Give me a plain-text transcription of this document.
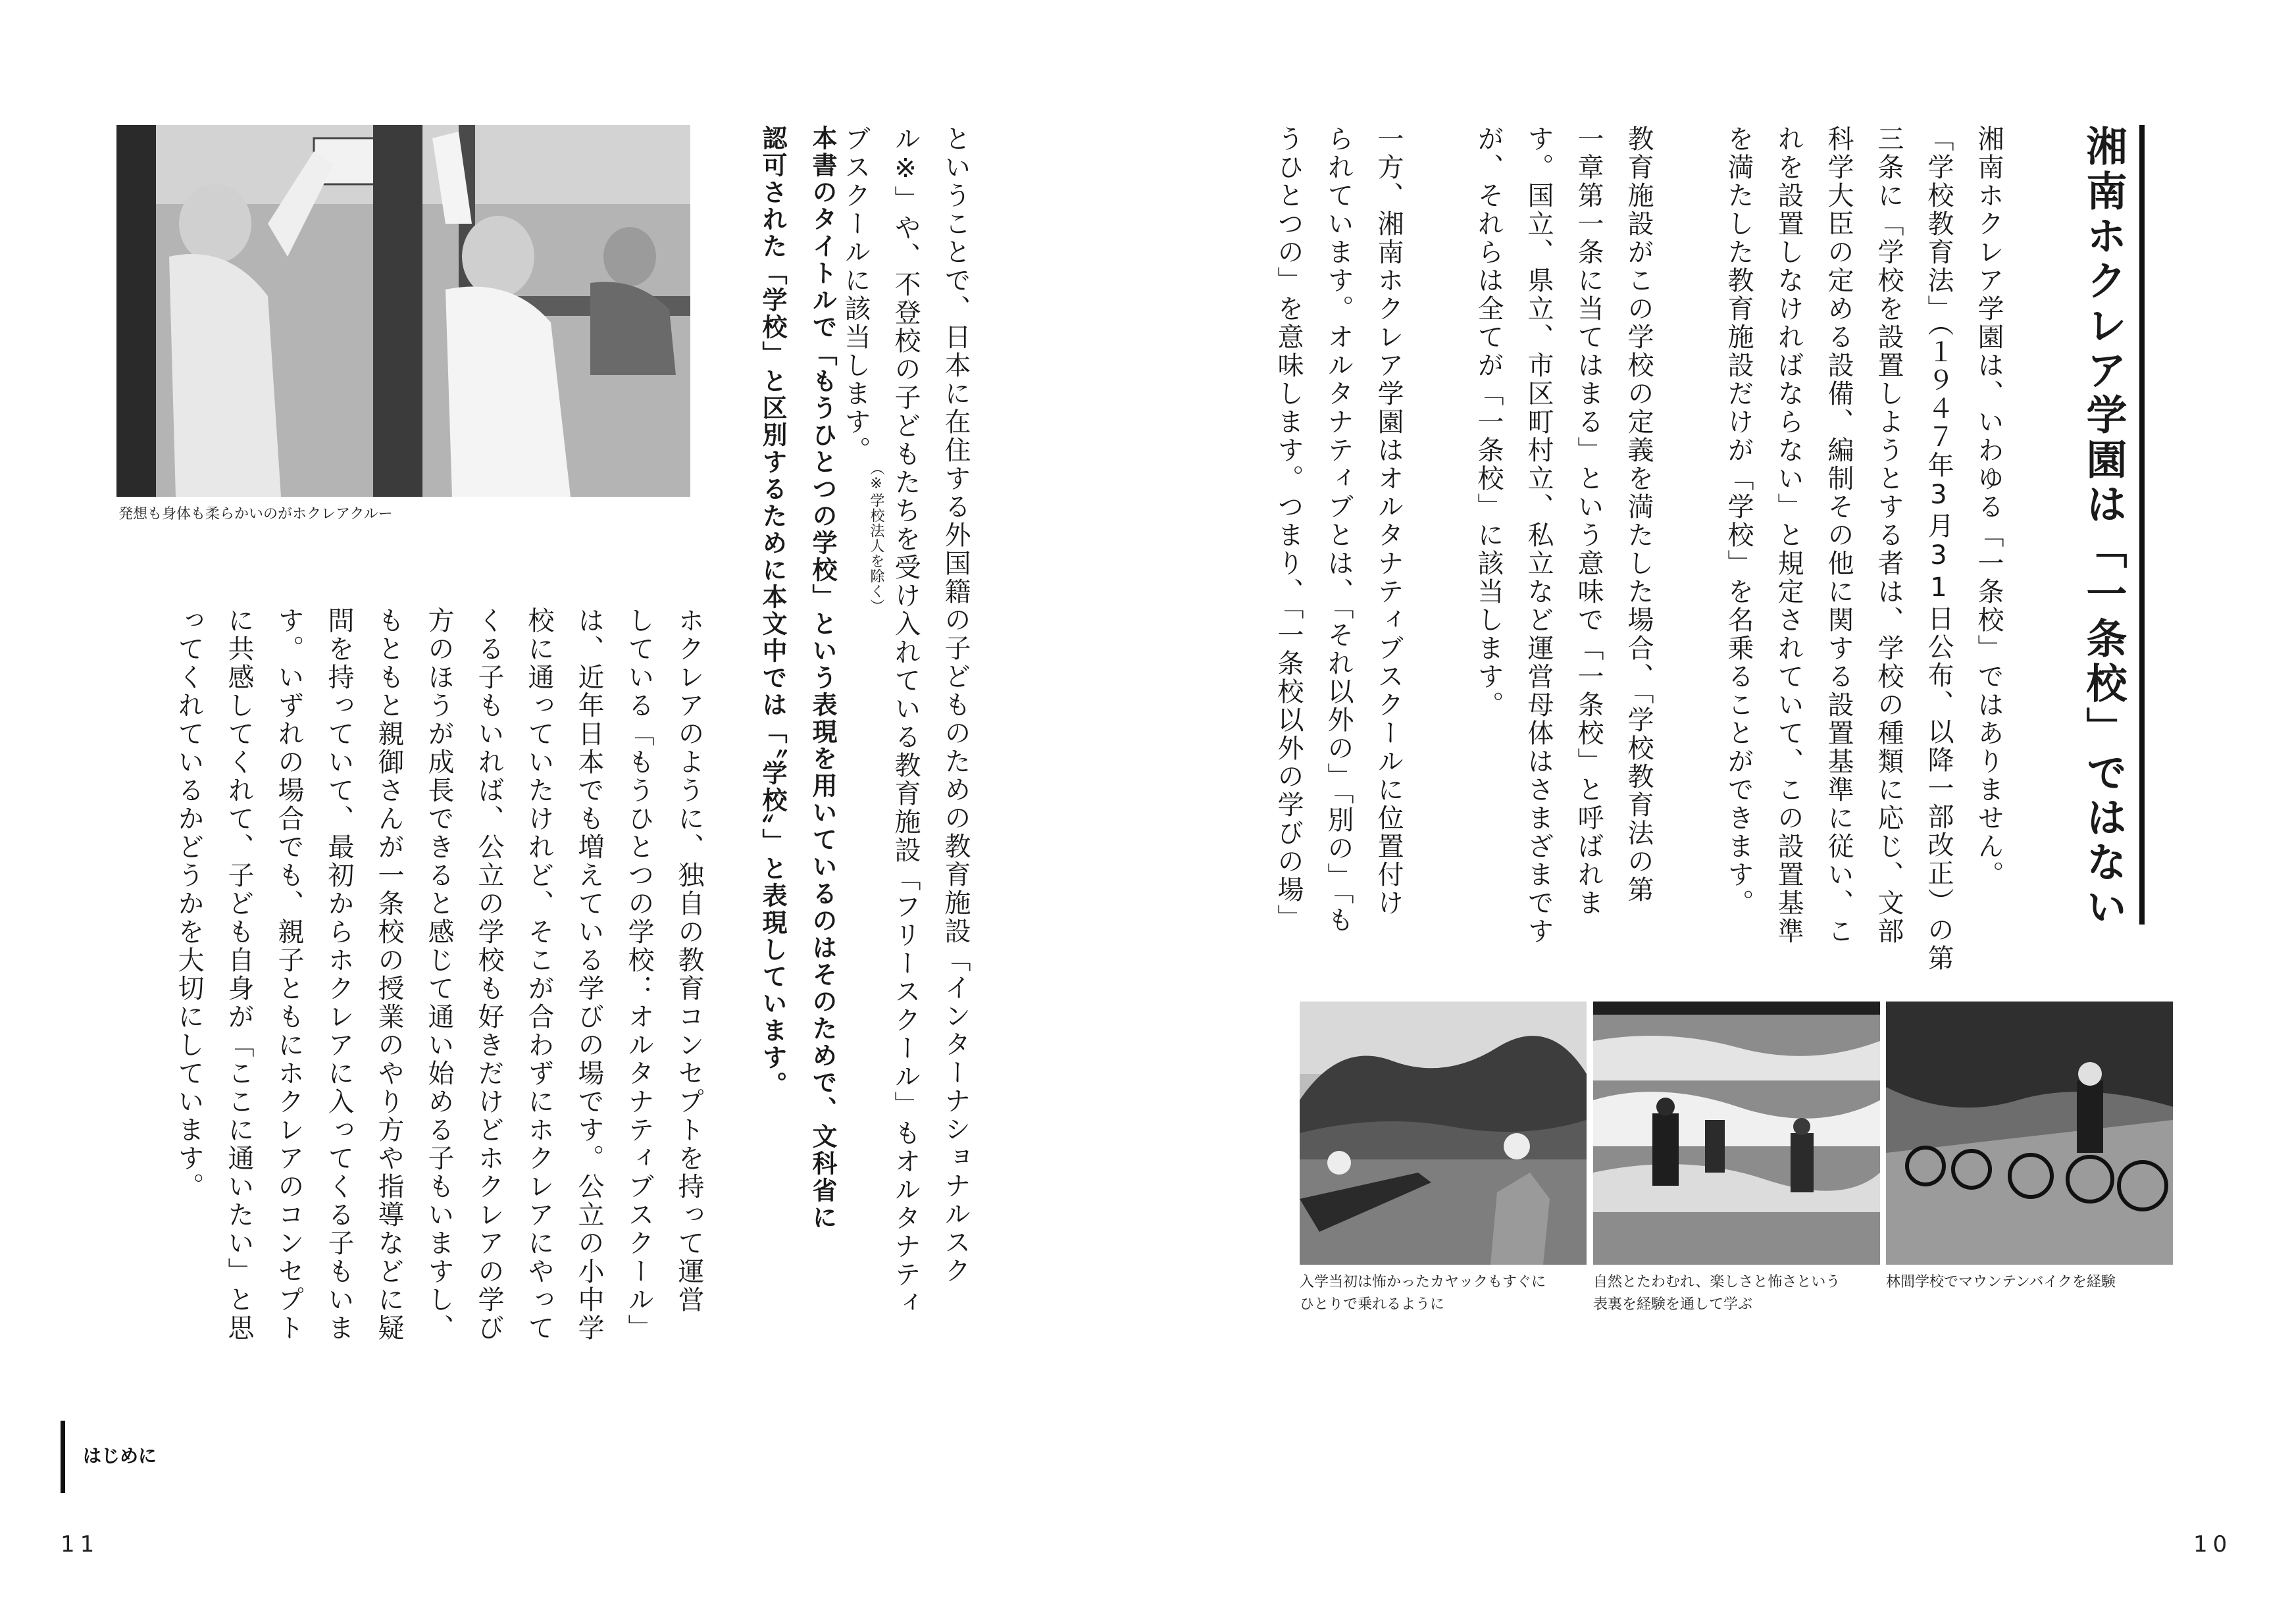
湘南ホクレア学園は「一条校」ではない

湘南ホクレア学園は、いわゆる「一条校」ではありません。

「学校教育法」（１９４７年3月31日公布、以降一部改正）の第

三条に「学校を設置しようとする者は、学校の種類に応じ、文部

科学大臣の定める設備、編制その他に関する設置基準に従い、こ

れを設置しなければならない」と規定されていて、この設置基準

を満たした教育施設だけが「学校」を名乗ることができます。

教育施設がこの学校の定義を満たした場合、「学校教育法の第

一章第一条に当てはまる」という意味で「一条校」と呼ばれま

す。国立、県立、市区町村立、私立など運営母体はさまざまです

が、それらは全てが「一条校」に該当します。

一方、湘南ホクレア学園はオルタナティブスクールに位置付け

られています。オルタナティブとは、「それ以外の」「別の」「も

うひとつの」を意味します。つまり、「一条校以外の学びの場」

入学当初は怖かったカヤックもすぐに
ひとりで乗れるように
自然とたわむれ、楽しさと怖さという
表裏を経験を通して学ぶ
林間学校でマウンテンバイクを経験
10
発想も身体も柔らかいのがホクレアクルー	ということで、日本に在住する外国籍の子どものための教育施設「インターナショナルスク

ル※」や、不登校の子どもたちを受け入れている教育施設「フリースクール」もオルタナティ

ブスクールに該当します。

（※学校法人を除く）

本書のタイトルで「もうひとつの学校」という表現を用いているのはそのためで、文科省に

認可された「学校」と区別するために本文中では「〝学校〟」と表現しています。

ホクレアのように、独自の教育コンセプトを持って運営

している「もうひとつの学校：オルタナティブスクール」

は、近年日本でも増えている学びの場です。公立の小中学

校に通っていたけれど、そこが合わずにホクレアにやって

くる子もいれば、公立の学校も好きだけどホクレアの学び

方のほうが成長できると感じて通い始める子もいますし、

もともと親御さんが一条校の授業のやり方や指導などに疑

問を持っていて、最初からホクレアに入ってくる子もいま

す。いずれの場合でも、親子ともにホクレアのコンセプト

に共感してくれて、子ども自身が「ここに通いたい」と思

ってくれているかどうかを大切にしています。

はじめに
11
